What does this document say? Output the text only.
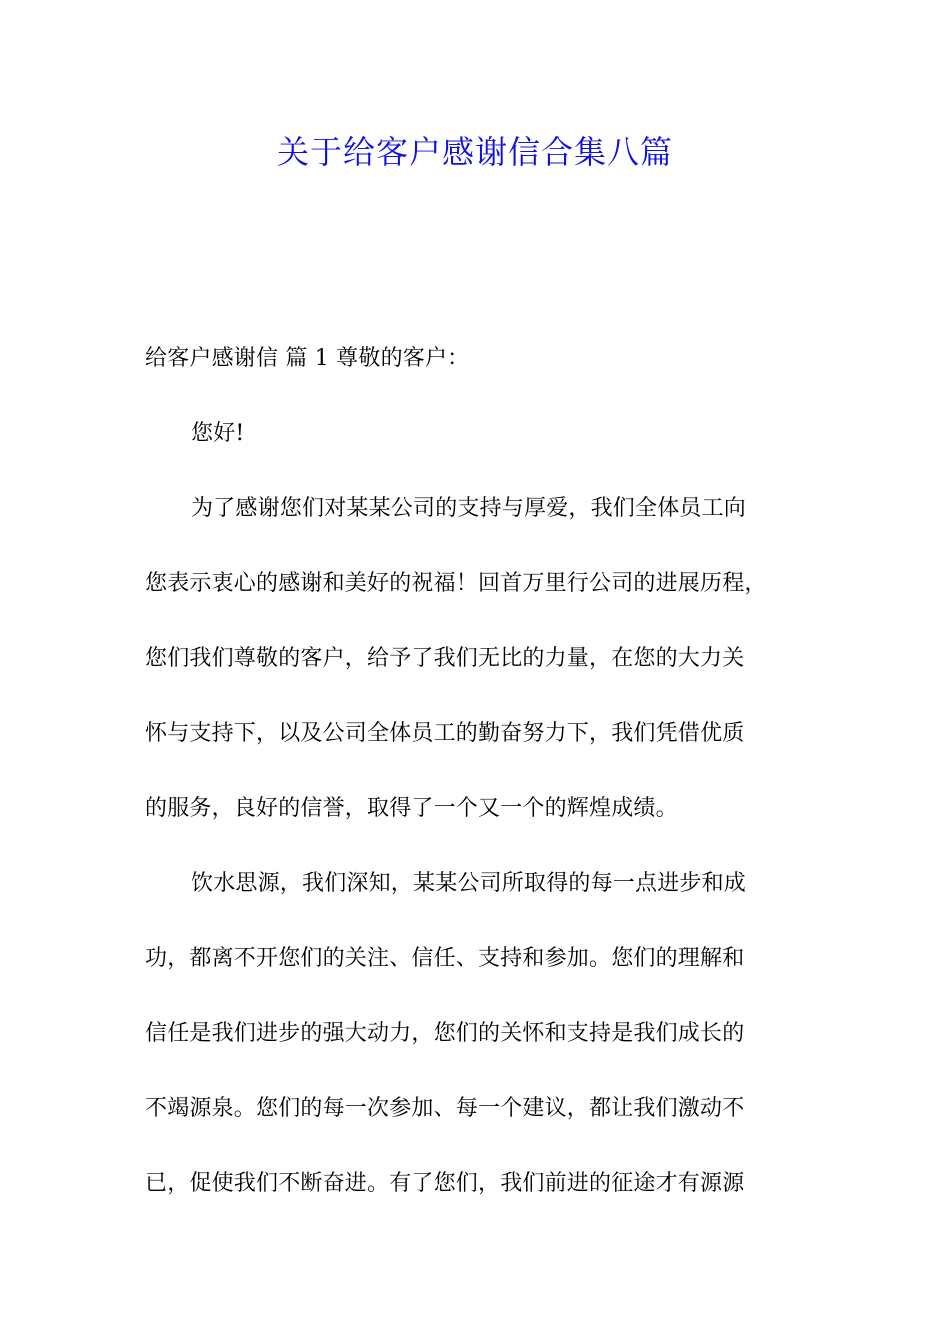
关于给客户感谢信合集八篇
给客户感谢信 篇 1 尊敬的客户：
您好!
为了感谢您们对某某公司的支持与厚爱，我们全体员工向
您表示衷心的感谢和美好的祝福！回首万里行公司的进展历程，
您们我们尊敬的客户，给予了我们无比的力量，在您的大力关
怀与支持下，以及公司全体员工的勤奋努力下，我们凭借优质
的服务，良好的信誉，取得了一个又一个的辉煌成绩。
饮水思源，我们深知，某某公司所取得的每一点进步和成
功，都离不开您们的关注、信任、支持和参加。您们的理解和
信任是我们进步的强大动力，您们的关怀和支持是我们成长的
不竭源泉。您们的每一次参加、每一个建议，都让我们激动不
已，促使我们不断奋进。有了您们，我们前进的征途才有源源
